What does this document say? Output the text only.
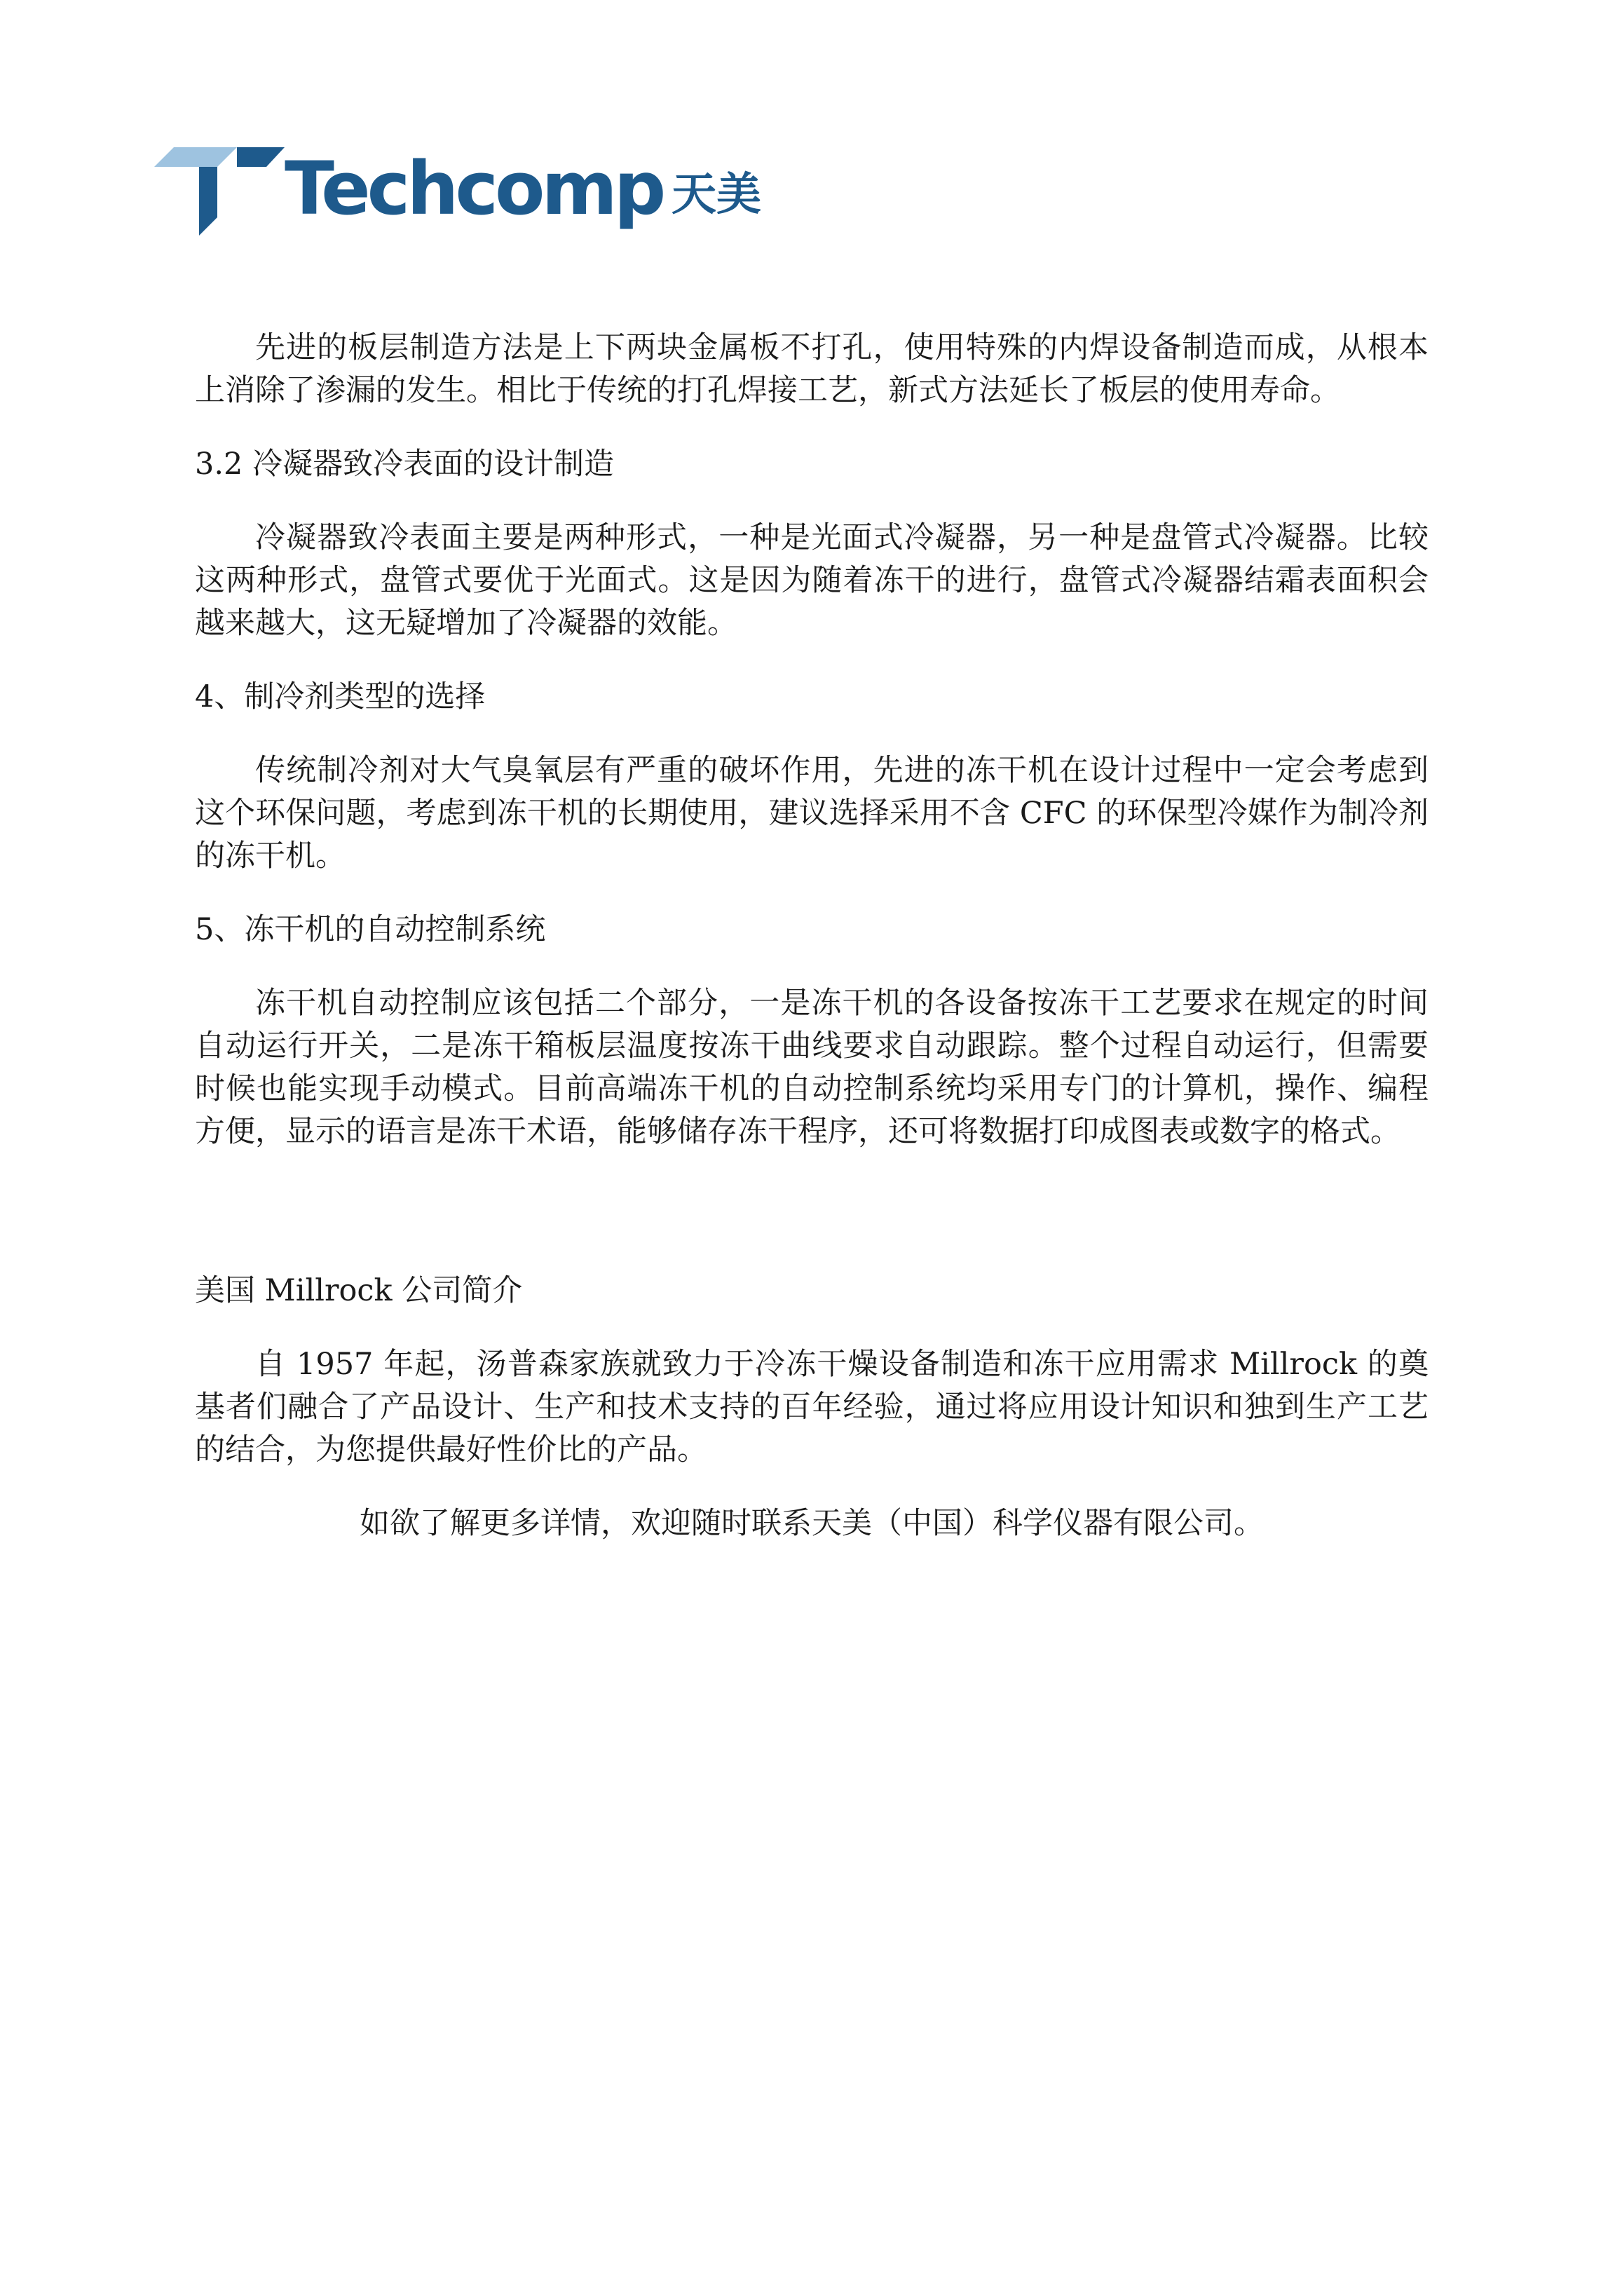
Techcomp 天美

先进的板层制造方法是上下两块金属板不打孔，使用特殊的内焊设备制造而成，从根本上消除了渗漏的发生。相比于传统的打孔焊接工艺，新式方法延长了板层的使用寿命。

3.2 冷凝器致冷表面的设计制造

冷凝器致冷表面主要是两种形式，一种是光面式冷凝器，另一种是盘管式冷凝器。比较这两种形式，盘管式要优于光面式。这是因为随着冻干的进行，盘管式冷凝器结霜表面积会越来越大，这无疑增加了冷凝器的效能。

4、制冷剂类型的选择

传统制冷剂对大气臭氧层有严重的破坏作用，先进的冻干机在设计过程中一定会考虑到这个环保问题，考虑到冻干机的长期使用，建议选择采用不含 CFC 的环保型冷媒作为制冷剂的冻干机。

5、冻干机的自动控制系统

冻干机自动控制应该包括二个部分，一是冻干机的各设备按冻干工艺要求在规定的时间自动运行开关，二是冻干箱板层温度按冻干曲线要求自动跟踪。整个过程自动运行，但需要时候也能实现手动模式。目前高端冻干机的自动控制系统均采用专门的计算机，操作、编程方便，显示的语言是冻干术语，能够储存冻干程序，还可将数据打印成图表或数字的格式。

美国 Millrock 公司简介

自 1957 年起，汤普森家族就致力于冷冻干燥设备制造和冻干应用需求 Millrock 的奠基者们融合了产品设计、生产和技术支持的百年经验，通过将应用设计知识和独到生产工艺的结合，为您提供最好性价比的产品。

如欲了解更多详情，欢迎随时联系天美（中国）科学仪器有限公司。
